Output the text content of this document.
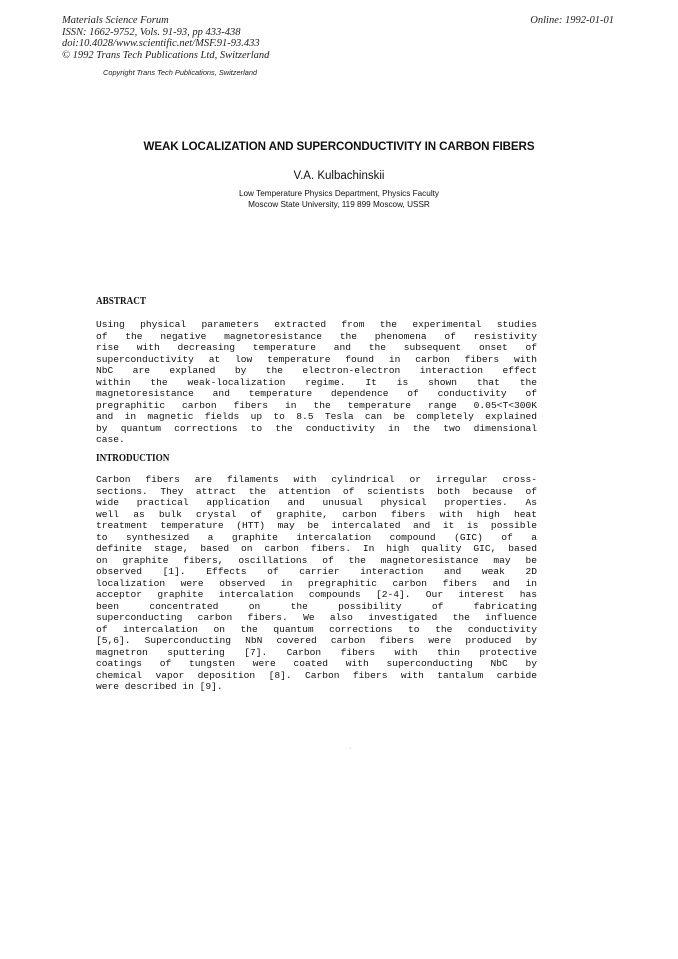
Materials Science Forum
ISSN: 1662-9752, Vols. 91-93, pp 433-438
doi:10.4028/www.scientific.net/MSF.91-93.433
© 1992 Trans Tech Publications Ltd, Switzerland
Online: 1992-01-01
Copyright Trans Tech Publications, Switzerland
WEAK LOCALIZATION AND SUPERCONDUCTIVITY IN CARBON FIBERS
V.A. Kulbachinskii
Low Temperature Physics Department, Physics Faculty
Moscow State University, 119 899 Moscow, USSR
ABSTRACT
Using physical parameters extracted from the experimental studies
of the negative magnetoresistance the phenomena of resistivity
rise with decreasing temperature and the subsequent onset of
superconductivity at low temperature found in carbon fibers with
NbC are explaned by the electron-electron interaction effect
within the weak-localization regime. It is shown that the
magnetoresistance and temperature dependence of conductivity of
pregraphitic carbon fibers in the temperature range 0.05<T<300K
and in magnetic fields up to 8.5 Tesla can be completely explained
by quantum corrections to the conductivity in the two dimensional
case.
INTRODUCTION
Carbon fibers are filaments with cylindrical or irregular cross-
sections. They attract the attention of scientists both because of
wide practical application and unusual physical properties. As
well as bulk crystal of graphite, carbon fibers with high heat
treatment temperature (HTT) may be intercalated and it is possible
to synthesized a graphite intercalation compound (GIC) of a
definite stage, based on carbon fibers. In high quality GIC, based
on graphite fibers, oscillations of the magnetoresistance may be
observed [1]. Effects of carrier interaction and weak 2D
localization were observed in pregraphitic carbon fibers and in
acceptor graphite intercalation compounds [2-4]. Our interest has
been concentrated on the possibility of fabricating
superconducting carbon fibers. We also investigated the influence
of intercalation on the quantum corrections to the conductivity
[5,6]. Superconducting NbN covered carbon fibers were produced by
magnetron sputtering [7]. Carbon fibers with thin protective
coatings of tungsten were coated with superconducting NbC by
chemical vapor deposition [8]. Carbon fibers with tantalum carbide
were described in [9].
